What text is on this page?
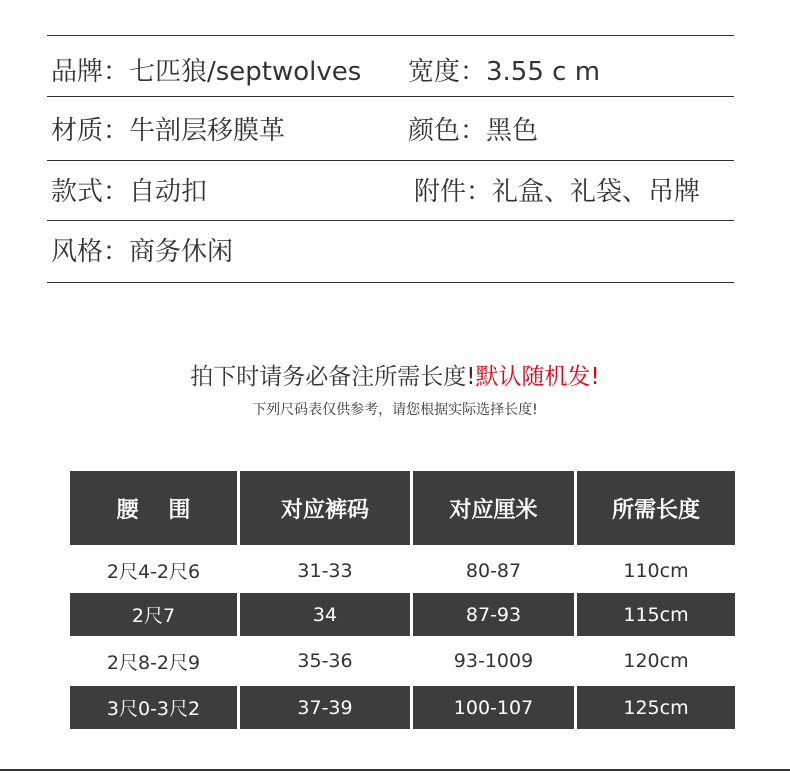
品牌：七匹狼/septwolves 宽度：3.55 c m
材质：牛剖层移膜革	颜色：黑色
款式：自动扣	附件：礼盒、礼袋、吊牌
风格：商务休闲
拍下时请务必备注所需长度!默认随机发!
下列尺码表仅供参考，请您根据实际选择长度!
腰　 围	对应裤码	对应厘米	所需长度
2尺4-2尺6	31-33	80-87	110cm
2尺7	34	87-93	115cm
2尺8-2尺9	35-36	93-1009	120cm
3尺0-3尺2	37-39	100-107	125cm
